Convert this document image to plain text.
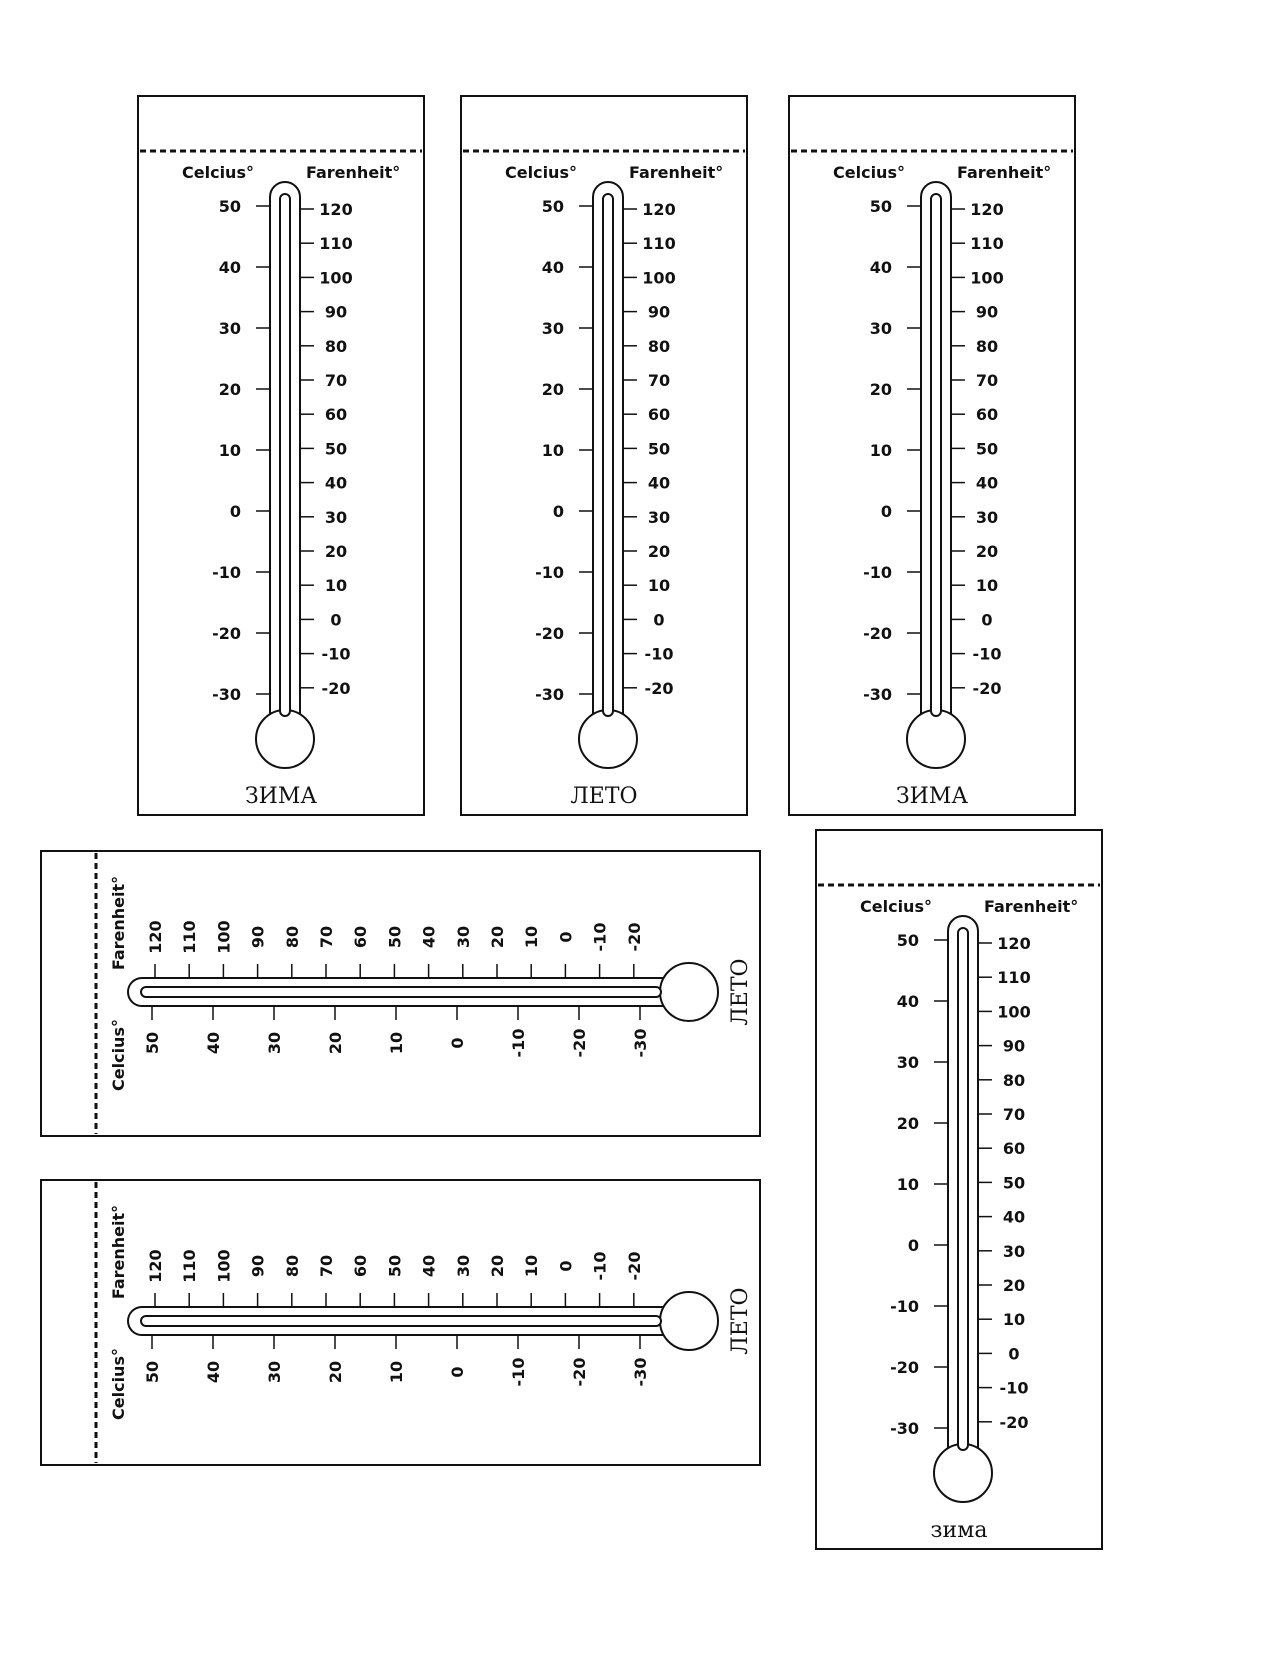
Celcius°	Farenheit°
50
40
30
20
10
0
-10
-20
-30
120
110
100
90
80
70
60
50
40
30
20
10
0
-10
-20
ЗИМА
Celcius°	Farenheit°
50
40
30
20
10
0
-10
-20
-30
120
110
100
90
80
70
60
50
40
30
20
10
0
-10
-20
ЛЕТО
Celcius°	Farenheit°
50
40
30
20
10
0
-10
-20
-30
120
110
100
90
80
70
60
50
40
30
20
10
0
-10
-20
ЗИМА
Farenheit°
Celcius°
120 110 100 90 80 70 60 50 40 30 20 10 0 -10 -20
50	40	30	20	10	0	-10	-20	-30
ЛЕТО
Farenheit°
Celcius°
120 110 100 90 80 70 60 50 40 30 20 10 0 -10 -20
50	40	30	20	10	0	-10	-20	-30
ЛЕТО
Celcius°	Farenheit°
50
40
30
20
10
0
-10
-20
-30
120
110
100
90
80
70
60
50
40
30
20
10
0
-10
-20
зима
